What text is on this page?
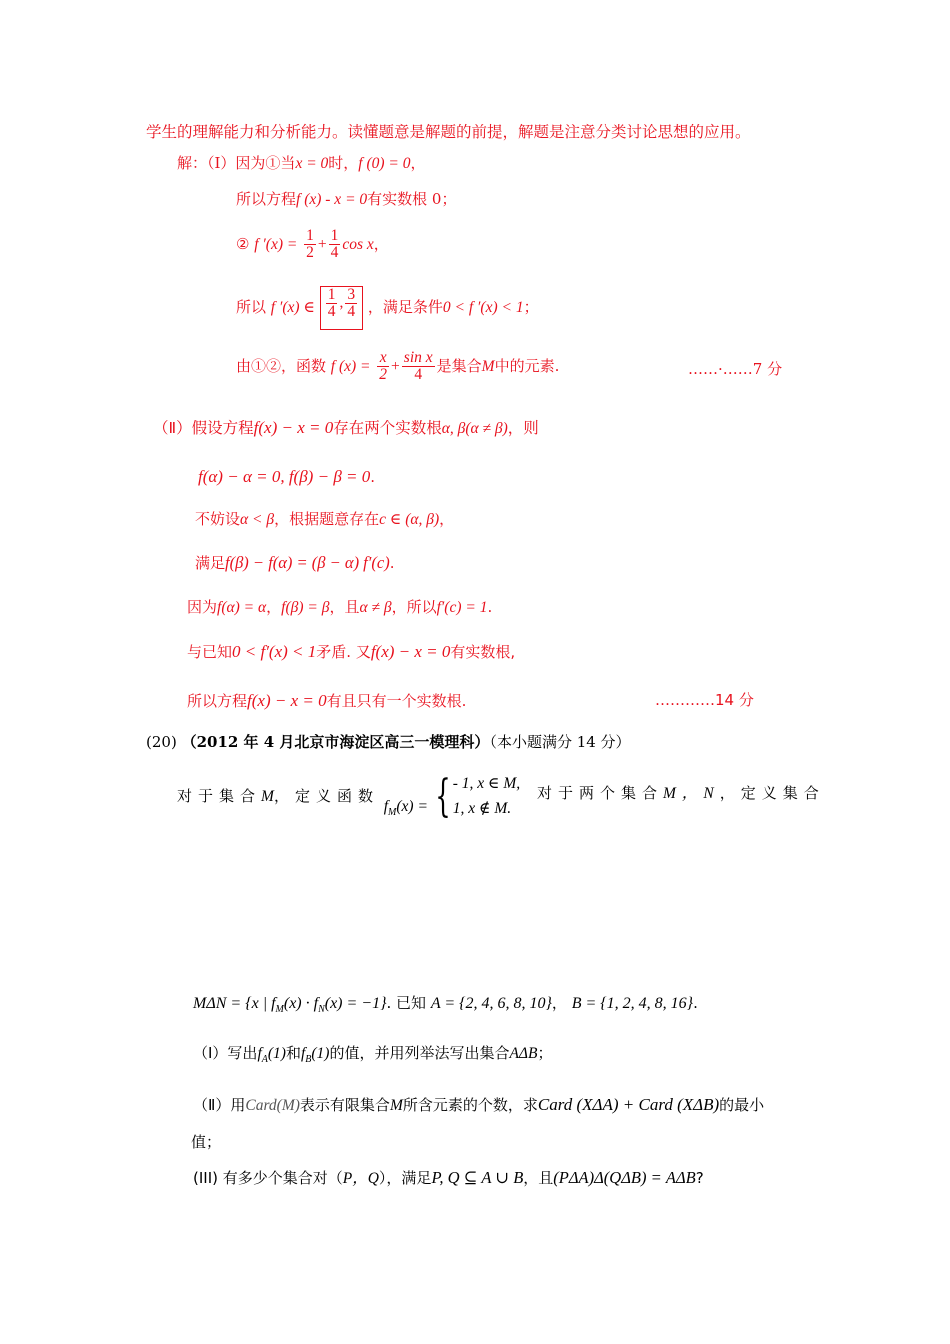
学生的理解能力和分析能力。读懂题意是解题的前提，解题是注意分类讨论思想的应用。
解：（Ⅰ）因为①当x = 0时，f (0) = 0，
所以方程f (x) - x = 0有实数根 0；
② f $'(x) = \frac{1}{2} + \frac{1}{4}$ cos x，
所以 f ′(x) ∈ $\frac{1}{4}$ , $\frac{3}{4}$ ，满足条件0 < f ′(x) < 1；
由①②，函数 f $(x) = \frac{x}{2} + \frac{\text{sin x}}{4}$ 是集合M中的元素.	……·……7 分
（Ⅱ）假设方程f(x) − x = 0存在两个实数根α, β(α ≠ β)，则
f(α) − α = 0, f(β) − β = 0.
不妨设α < β，根据题意存在c ∈ (α, β)，
满足f(β) − f(α) = (β − α) f′(c).
因为f(α) = α，f(β) = β，且α ≠ β，所以f′(c) = 1.
与已知0 < f′(x) < 1矛盾. 又f(x) − x = 0有实数根,
所以方程f(x) − x = 0有且只有一个实数根.	…………14 分
(20) （2012 年 4 月北京市海淀区高三一模理科）（本小题满分 14 分）
对于集合M，定义函数 $f_M(x)$ = { - 1, x ∈ M,
1, x ∉ M.
对于两个集合M，N，定义集合
MΔN = {x | $f_M(x) \cdot f_N(x) = -1$}. 已知 A = {2, 4, 6, 8, 10}， B = {1, 2, 4, 8, 16}.
（Ⅰ）写出$f_A(1)$和$f_B(1)$的值，并用列举法写出集合AΔB；
（Ⅱ）用Card(M)表示有限集合M所含元素的个数，求Card (XΔA) + Card (XΔB)的最小
值；
(III) 有多少个集合对（P，Q），满足P, Q ⊆ A ∪ B，且(PΔA)Δ(QΔB) = AΔB?
